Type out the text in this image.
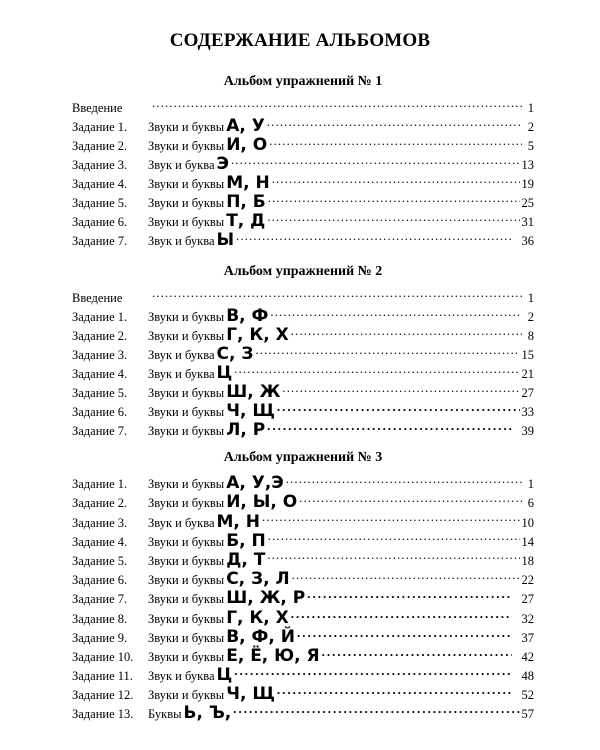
СОДЕРЖАНИЕ АЛЬБОМОВ
Альбом упражнений № 1
Введение .....	1
Задание 1.	Звуки и буквы А, У .....	2
Задание 2.	Звуки и буквы И, О .....	5
Задание 3.	Звук и буква Э .....	13
Задание 4.	Звуки и буквы М, Н .....	19
Задание 5.	Звуки и буквы П, Б .....	25
Задание 6.	Звуки и буквы Т, Д .....	31
Задание 7.	Звук и буква Ы .....	36
Альбом упражнений № 2
Введение .....	1
Задание 1.	Звуки и буквы В, Ф .....	2
Задание 2.	Звуки и буквы Г, К, Х .....	8
Задание 3.	Звук и буква С, З .....	15
Задание 4.	Звук и буква Ц .....	21
Задание 5.	Звуки и буквы Ш, Ж .....	27
Задание 6.	Звуки и буквы Ч, Щ .....	33
Задание 7.	Звуки и буквы Л, Р .....	39
Альбом упражнений № 3
Задание 1.	Звуки и буквы А, У,Э .....	1
Задание 2.	Звуки и буквы И, Ы, О .....	6
Задание 3.	Звук и буква М, Н .....	10
Задание 4.	Звуки и буквы Б, П .....	14
Задание 5.	Звуки и буквы Д, Т .....	18
Задание 6.	Звуки и буквы С, З, Л .....	22
Задание 7.	Звуки и буквы Ш, Ж, Р .....	27
Задание 8.	Звуки и буквы Г, К, Х .....	32
Задание 9.	Звуки и буквы В, Ф, Й .....	37
Задание 10.	Звуки и буквы Е, Ё, Ю, Я .....	42
Задание 11.	Звук и буква Ц .....	48
Задание 12.	Звуки и буквы Ч, Щ .....	52
Задание 13.	Буквы Ь, Ъ, .....	57
